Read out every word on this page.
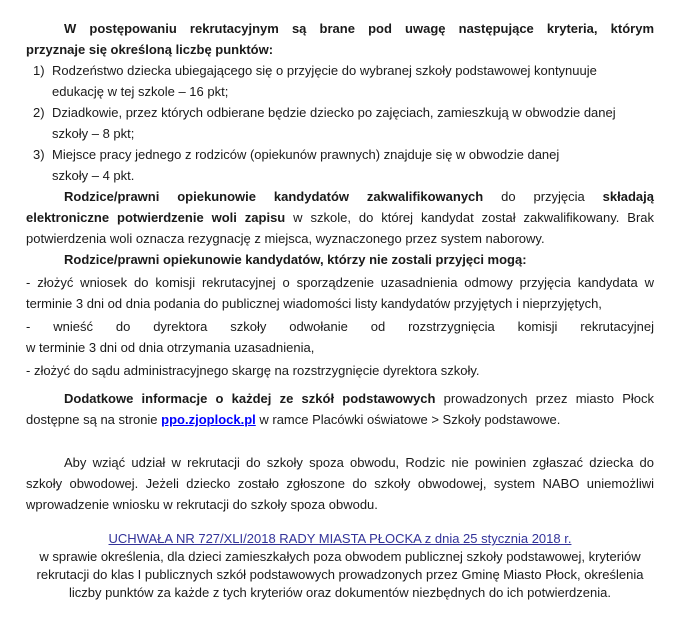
W postępowaniu rekrutacyjnym są brane pod uwagę następujące kryteria, którym
przyznaje się określoną liczbę punktów:

1) Rodzeństwo dziecka ubiegającego się o przyjęcie do wybranej szkoły podstawowej kontynuuje
edukację w tej szkole – 16 pkt;
2) Dziadkowie, przez których odbierane będzie dziecko po zajęciach, zamieszkują w obwodzie danej
szkoły – 8 pkt;
3) Miejsce pracy jednego z rodziców (opiekunów prawnych) znajduje się w obwodzie danej
szkoły – 4 pkt.

Rodzice/prawni opiekunowie kandydatów zakwalifikowanych do przyjęcia składają elektroniczne potwierdzenie woli zapisu w szkole, do której kandydat został zakwalifikowany. Brak potwierdzenia woli oznacza rezygnację z miejsca, wyznaczonego przez system naborowy.

Rodzice/prawni opiekunowie kandydatów, którzy nie zostali przyjęci mogą:

- złożyć wniosek do komisji rekrutacyjnej o sporządzenie uzasadnienia odmowy przyjęcia kandydata w terminie 3 dni od dnia podania do publicznej wiadomości listy kandydatów przyjętych i nieprzyjętych,

- wnieść do dyrektora szkoły odwołanie od rozstrzygnięcia komisji rekrutacyjnej
w terminie 3 dni od dnia otrzymania uzasadnienia,

- złożyć do sądu administracyjnego skargę na rozstrzygnięcie dyrektora szkoły.

Dodatkowe informacje o każdej ze szkół podstawowych prowadzonych przez miasto Płock dostępne są na stronie ppo.zjoplock.pl w ramce Placówki oświatowe > Szkoły podstawowe.

Aby wziąć udział w rekrutacji do szkoły spoza obwodu, Rodzic nie powinien zgłaszać dziecka do szkoły obwodowej. Jeżeli dziecko zostało zgłoszone do szkoły obwodowej, system NABO uniemożliwi wprowadzenie wniosku w rekrutacji do szkoły spoza obwodu.

UCHWAŁA NR 727/XLI/2018 RADY MIASTA PŁOCKA z dnia 25 stycznia 2018 r.

w sprawie określenia, dla dzieci zamieszkałych poza obwodem publicznej szkoły podstawowej, kryteriów rekrutacji do klas I publicznych szkół podstawowych prowadzonych przez Gminę Miasto Płock, określenia liczby punktów za każde z tych kryteriów oraz dokumentów niezbędnych do ich potwierdzenia.
